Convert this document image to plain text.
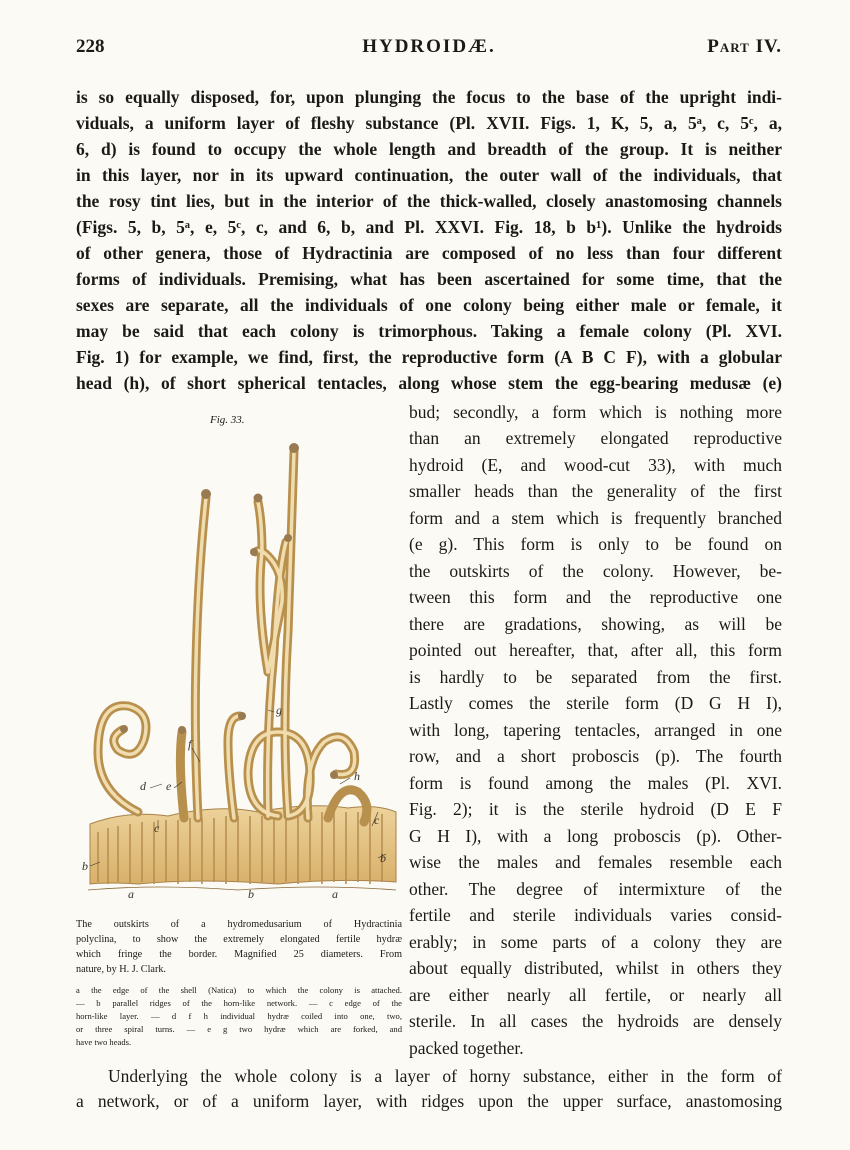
228	HYDROIDÆ.	Part IV.
is so equally disposed, for, upon plunging the focus to the base of the upright indi-
viduals, a uniform layer of fleshy substance (Pl. XVII. Figs. 1, K, 5, a, 5ᵃ, c, 5ᶜ, a,
6, d) is found to occupy the whole length and breadth of the group. It is neither
in this layer, nor in its upward continuation, the outer wall of the individuals, that
the rosy tint lies, but in the interior of the thick-walled, closely anastomosing channels
(Figs. 5, b, 5ᵃ, e, 5ᶜ, c, and 6, b, and Pl. XXVI. Fig. 18, b b¹). Unlike the hydroids
of other genera, those of Hydractinia are composed of no less than four different
forms of individuals. Premising, what has been ascertained for some time, that the
sexes are separate, all the individuals of one colony being either male or female, it
may be said that each colony is trimorphous. Taking a female colony (Pl. XVI.
Fig. 1) for example, we find, first, the reproductive form (A B C F), with a globular
head (h), of short spherical tentacles, along whose stem the egg-bearing medusæ (e)
bud; secondly, a form which is nothing more
than an extremely elongated reproductive
hydroid (E, and wood-cut 33), with much
smaller heads than the generality of the first
form and a stem which is frequently branched
(e g). This form is only to be found on
the outskirts of the colony. However, be-
tween this form and the reproductive one
there are gradations, showing, as will be
pointed out hereafter, that, after all, this form
is hardly to be separated from the first.
Lastly comes the sterile form (D G H I),
with long, tapering tentacles, arranged in one
row, and a short proboscis (p). The fourth
form is found among the males (Pl. XVI.
Fig. 2); it is the sterile hydroid (D E F
G H I), with a long proboscis (p). Other-
wise the males and females resemble each
other. The degree of intermixture of the
fertile and sterile individuals varies consid-
erably; in some parts of a colony they are
about equally distributed, whilst in others they
are either nearly all fertile, or nearly all
sterile. In all cases the hydroids are densely
packed together.
Underlying the whole colony is a layer of horny substance, either in the form of
a network, or of a uniform layer, with ridges upon the upper surface, anastomosing
Fig. 33.
g
f
d e
h
c
c
b
b
a	b	a
The outskirts of a hydromedusarium of Hydractinia
polyclina, to show the extremely elongated fertile hydræ
which fringe the border. Magnified 25 diameters. From
nature, by H. J. Clark.
a the edge of the shell (Natica) to which the colony is attached.
— b parallel ridges of the horn-like network. — c edge of the
horn-like layer. — d f h individual hydræ coiled into one, two,
or three spiral turns. — e g two hydræ which are forked, and
have two heads.
